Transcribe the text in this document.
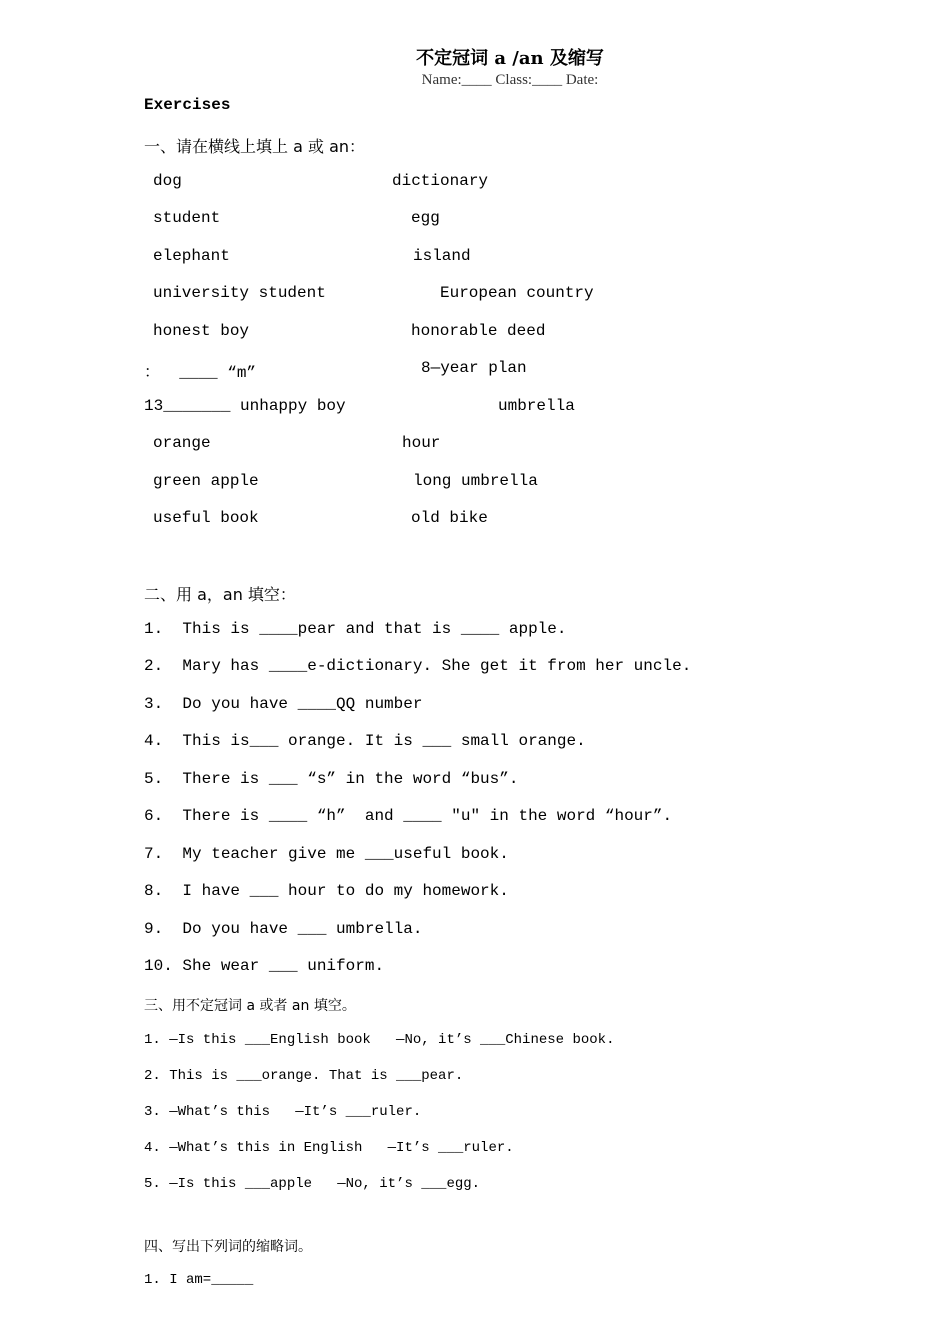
不定冠词 a /an 及缩写
Name:____ Class:____ Date:
Exercises
一、请在横线上填上 a 或 an：
dog	dictionary
student	egg
elephant	island
university student	European country
honest boy	honorable deed
：  ____ “m”	8—year plan
13_______ unhappy boy	umbrella
orange	hour
green apple	long umbrella
useful book	old bike
二、用 a，an 填空：
1.  This is ____pear and that is ____ apple.
2.  Mary has ____e-dictionary. She get it from her uncle.
3.  Do you have ____QQ number
4.  This is___ orange. It is ___ small orange.
5.  There is ___ “s” in the word “bus”.
6.  There is ____ “h”  and ____ "u" in the word “hour”.
7.  My teacher give me ___useful book.
8.  I have ___ hour to do my homework.
9.  Do you have ___ umbrella.
10. She wear ___ uniform.
三、用不定冠词 a 或者 an 填空。
1. —Is this ___English book   —No, it’s ___Chinese book.
2. This is ___orange. That is ___pear.
3. —What’s this   —It’s ___ruler.
4. —What’s this in English   —It’s ___ruler.
5. —Is this ___apple   —No, it’s ___egg.
四、写出下列词的缩略词。
1. I am=_____
